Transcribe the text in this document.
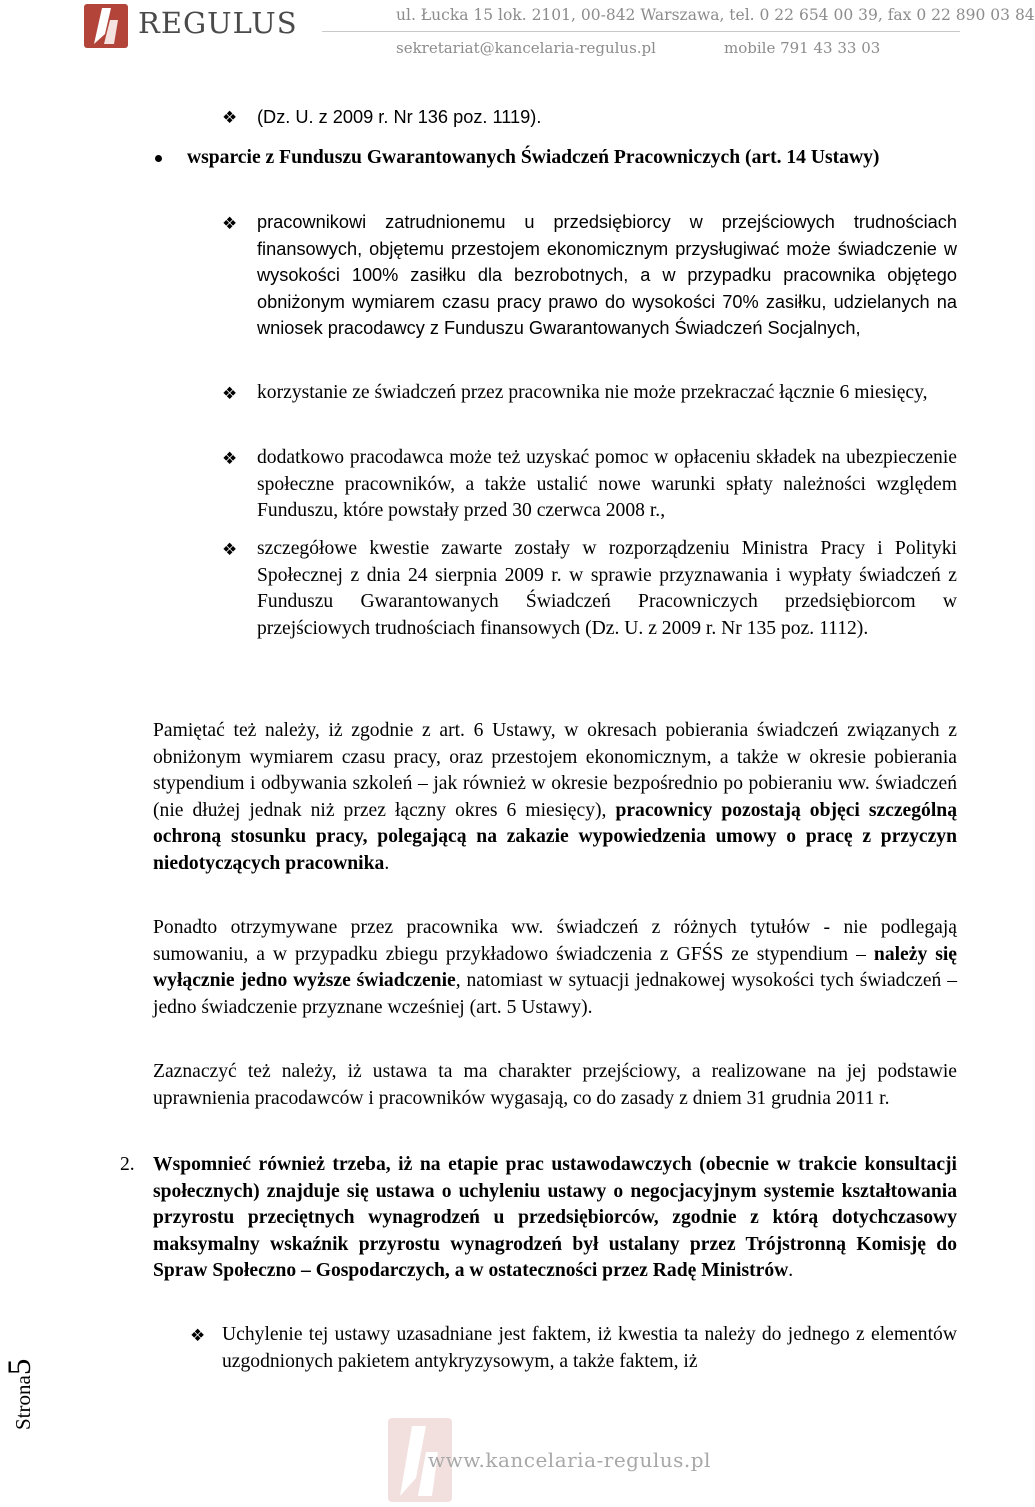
REGULUS	ul. Łucka 15 lok. 2101, 00-842 Warszawa, tel. 0 22 654 00 39, fax 0 22 890 03 84
sekretariat@kancelaria-regulus.pl	mobile 791 43 33 03
❖ (Dz. U. z 2009 r. Nr 136 poz. 1119).
wsparcie z Funduszu Gwarantowanych Świadczeń Pracowniczych (art. 14 Ustawy)
❖ pracownikowi zatrudnionemu u przedsiębiorcy w przejściowych trudnościach finansowych, objętemu przestojem ekonomicznym przysługiwać może świadczenie w wysokości 100% zasiłku dla bezrobotnych, a w przypadku pracownika objętego obniżonym wymiarem czasu pracy prawo do wysokości 70% zasiłku, udzielanych na wniosek pracodawcy z Funduszu Gwarantowanych Świadczeń Socjalnych,
❖ korzystanie ze świadczeń przez pracownika nie może przekraczać łącznie 6 miesięcy,
❖ dodatkowo pracodawca może też uzyskać pomoc w opłaceniu składek na ubezpieczenie społeczne pracowników, a także ustalić nowe warunki spłaty należności względem Funduszu, które powstały przed 30 czerwca 2008 r.,
❖ szczegółowe kwestie zawarte zostały w rozporządzeniu Ministra Pracy i Polityki Społecznej z dnia 24 sierpnia 2009 r. w sprawie przyznawania i wypłaty świadczeń z Funduszu Gwarantowanych Świadczeń Pracowniczych przedsiębiorcom w przejściowych trudnościach finansowych (Dz. U. z 2009 r. Nr 135 poz. 1112).
Pamiętać też należy, iż zgodnie z art. 6 Ustawy, w okresach pobierania świadczeń związanych z obniżonym wymiarem czasu pracy, oraz przestojem ekonomicznym, a także w okresie pobierania stypendium i odbywania szkoleń – jak również w okresie bezpośrednio po pobieraniu ww. świadczeń (nie dłużej jednak niż przez łączny okres 6 miesięcy), pracownicy pozostają objęci szczególną ochroną stosunku pracy, polegającą na zakazie wypowiedzenia umowy o pracę z przyczyn niedotyczących pracownika.
Ponadto otrzymywane przez pracownika ww. świadczeń z różnych tytułów - nie podlegają sumowaniu, a w przypadku zbiegu przykładowo świadczenia z GFŚS ze stypendium – należy się wyłącznie jedno wyższe świadczenie, natomiast w sytuacji jednakowej wysokości tych świadczeń – jedno świadczenie przyznane wcześniej (art. 5 Ustawy).
Zaznaczyć też należy, iż ustawa ta ma charakter przejściowy, a realizowane na jej podstawie uprawnienia pracodawców i pracowników wygasają, co do zasady z dniem 31 grudnia 2011 r.
2. Wspomnieć również trzeba, iż na etapie prac ustawodawczych (obecnie w trakcie konsultacji społecznych) znajduje się ustawa o uchyleniu ustawy o negocjacyjnym systemie kształtowania przyrostu przeciętnych wynagrodzeń u przedsiębiorców, zgodnie z którą dotychczasowy maksymalny wskaźnik przyrostu wynagrodzeń był ustalany przez Trójstronną Komisję do Spraw Społeczno – Gospodarczych, a w ostateczności przez Radę Ministrów.
❖ Uchylenie tej ustawy uzasadniane jest faktem, iż kwestia ta należy do jednego z elementów uzgodnionych pakietem antykryzysowym, a także faktem, iż
Strona5
www.kancelaria-regulus.pl
